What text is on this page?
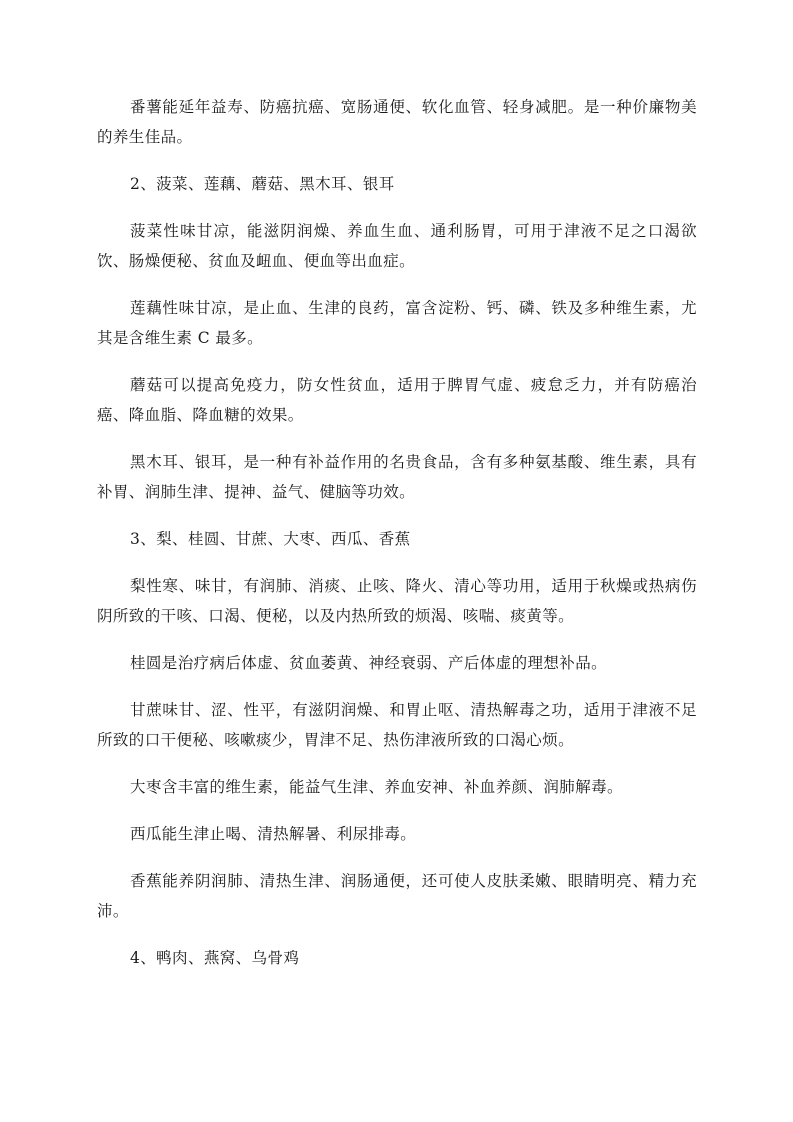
番薯能延年益寿、防癌抗癌、宽肠通便、软化血管、轻身减肥。是一种价廉物美的养生佳品。

2、菠菜、莲藕、蘑菇、黑木耳、银耳

菠菜性味甘凉，能滋阴润燥、养血生血、通利肠胃，可用于津液不足之口渴欲饮、肠燥便秘、贫血及衄血、便血等出血症。

莲藕性味甘凉，是止血、生津的良药，富含淀粉、钙、磷、铁及多种维生素，尤其是含维生素 C 最多。

蘑菇可以提高免疫力，防女性贫血，适用于脾胃气虚、疲怠乏力，并有防癌治癌、降血脂、降血糖的效果。

黑木耳、银耳，是一种有补益作用的名贵食品，含有多种氨基酸、维生素，具有补胃、润肺生津、提神、益气、健脑等功效。

3、梨、桂圆、甘蔗、大枣、西瓜、香蕉

梨性寒、味甘，有润肺、消痰、止咳、降火、清心等功用，适用于秋燥或热病伤阴所致的干咳、口渴、便秘，以及内热所致的烦渴、咳喘、痰黄等。

桂圆是治疗病后体虚、贫血萎黄、神经衰弱、产后体虚的理想补品。

甘蔗味甘、涩、性平，有滋阴润燥、和胃止呕、清热解毒之功，适用于津液不足所致的口干便秘、咳嗽痰少，胃津不足、热伤津液所致的口渴心烦。

大枣含丰富的维生素，能益气生津、养血安神、补血养颜、润肺解毒。

西瓜能生津止喝、清热解暑、利尿排毒。

香蕉能养阴润肺、清热生津、润肠通便，还可使人皮肤柔嫩、眼睛明亮、精力充沛。

4、鸭肉、燕窝、乌骨鸡
